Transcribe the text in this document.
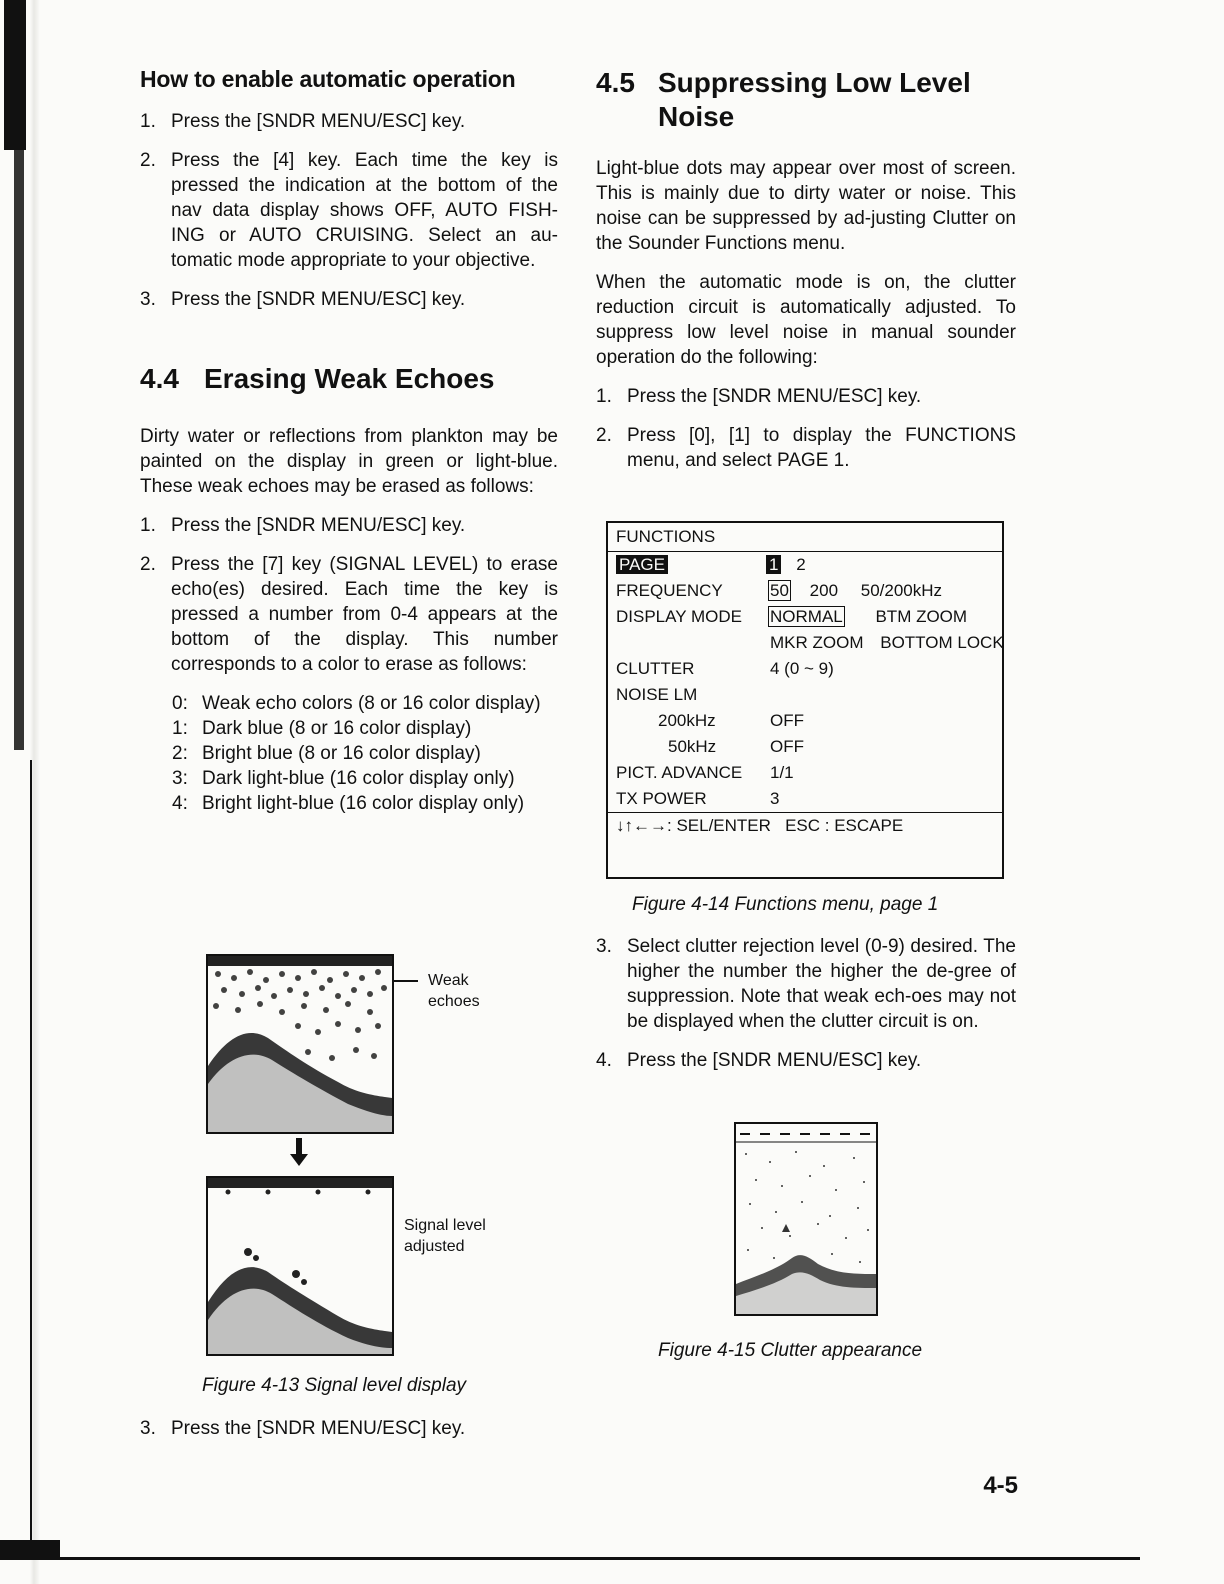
How to enable automatic operation
1. Press the [SNDR MENU/ESC] key.
2. Press the [4] key. Each time the key is pressed the indication at the bottom of the nav data display shows OFF, AUTO FISH-ING or AUTO CRUISING. Select an au-tomatic mode appropriate to your objective.
3. Press the [SNDR MENU/ESC] key.
4.4 Erasing Weak Echoes

Dirty water or reflections from plankton may be painted on the display in green or light-blue. These weak echoes may be erased as follows:

1. Press the [SNDR MENU/ESC] key.
2. Press the [7] key (SIGNAL LEVEL) to erase echo(es) desired. Each time the key is pressed a number from 0-4 appears at the bottom of the display. This number corresponds to a color to erase as follows:
0: Weak echo colors (8 or 16 color display)
1: Dark blue (8 or 16 color display)
2: Bright blue (8 or 16 color display)
3: Dark light-blue (16 color display only)
4: Bright light-blue (16 color display only)
Weak
echoes
Signal level
adjusted
Figure 4-13 Signal level display
3. Press the [SNDR MENU/ESC] key.
4.5 Suppressing Low Level
Noise

Light-blue dots may appear over most of screen. This is mainly due to dirty water or noise. This noise can be suppressed by ad-justing Clutter on the Sounder Functions menu.

When the automatic mode is on, the clutter reduction circuit is automatically adjusted. To suppress low level noise in manual sounder operation do the following:

1. Press the [SNDR MENU/ESC] key.
2. Press [0], [1] to display the FUNCTIONS menu, and select PAGE 1.
FUNCTIONS
PAGE	1 2
FREQUENCY	50 200 50/200kHz
DISPLAY MODE NORMAL BTM ZOOM
MKR ZOOM BOTTOM LOCK
CLUTTER	4 (0 ~ 9)
NOISE LM
200kHz	OFF
50kHz	OFF
PICT. ADVANCE 1/1
TX POWER	3
↓↑←→: SEL/ENTER   ESC : ESCAPE
Figure 4-14 Functions menu, page 1
3. Select clutter rejection level (0-9) desired. The higher the number the higher the de-gree of suppression. Note that weak ech-oes may not be displayed when the clutter circuit is on.
4. Press the [SNDR MENU/ESC] key.
Figure 4-15 Clutter appearance
4-5
